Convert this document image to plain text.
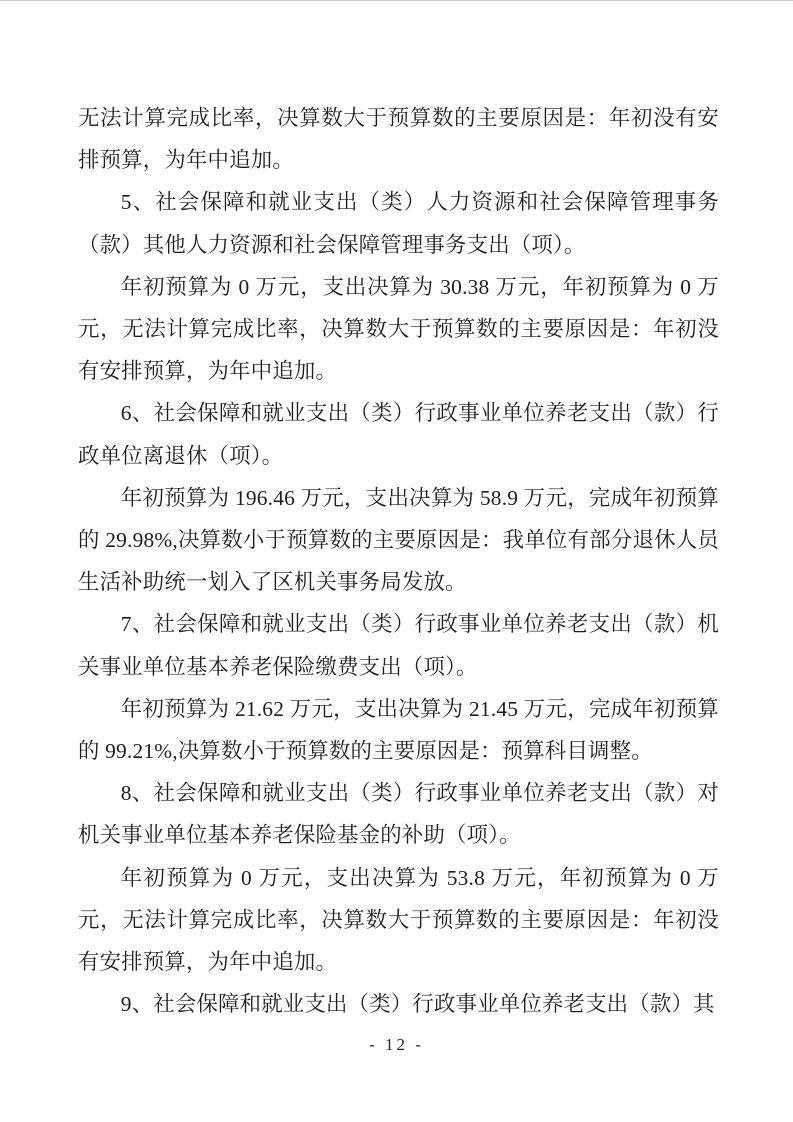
无法计算完成比率，决算数大于预算数的主要原因是：年初没有安排预算，为年中追加。

5、社会保障和就业支出（类）人力资源和社会保障管理事务（款）其他人力资源和社会保障管理事务支出（项）。

年初预算为 0 万元，支出决算为 30.38 万元，年初预算为 0 万元，无法计算完成比率，决算数大于预算数的主要原因是：年初没有安排预算，为年中追加。

6、社会保障和就业支出（类）行政事业单位养老支出（款）行政单位离退休（项）。

年初预算为 196.46 万元，支出决算为 58.9 万元，完成年初预算的 29.98%,决算数小于预算数的主要原因是：我单位有部分退休人员生活补助统一划入了区机关事务局发放。

7、社会保障和就业支出（类）行政事业单位养老支出（款）机关事业单位基本养老保险缴费支出（项）。

年初预算为 21.62 万元，支出决算为 21.45 万元，完成年初预算的 99.21%,决算数小于预算数的主要原因是：预算科目调整。

8、社会保障和就业支出（类）行政事业单位养老支出（款）对机关事业单位基本养老保险基金的补助（项）。

年初预算为 0 万元，支出决算为 53.8 万元，年初预算为 0 万元，无法计算完成比率，决算数大于预算数的主要原因是：年初没有安排预算，为年中追加。

9、社会保障和就业支出（类）行政事业单位养老支出（款）其

- 12 -
